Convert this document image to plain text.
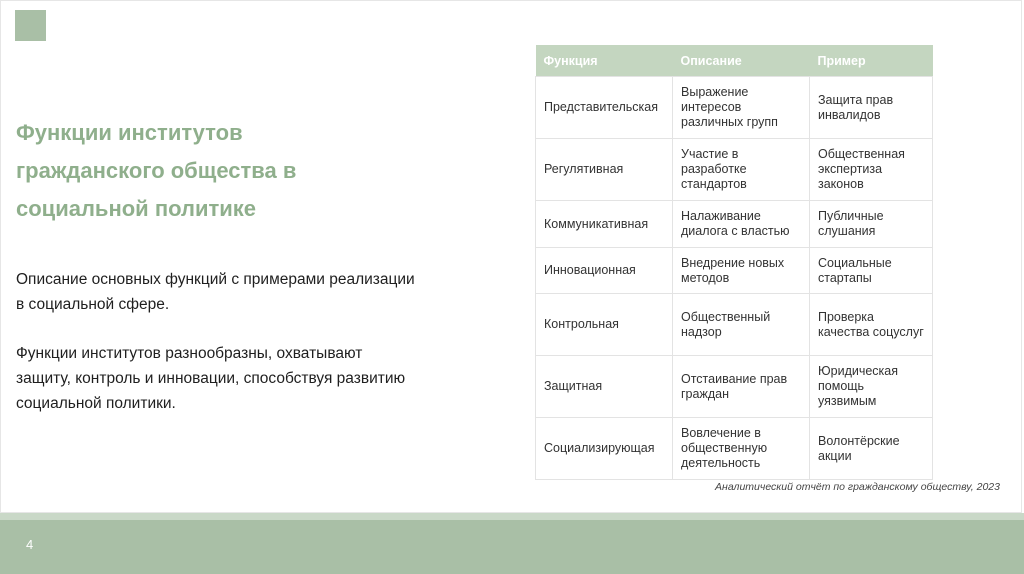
Функции институтов гражданского общества в социальной политике
Описание основных функций с примерами реализации в социальной сфере.
Функции институтов разнообразны, охватывают защиту, контроль и инновации, способствуя развитию социальной политики.
Функция	Описание	Пример
Представительская	Выражение интересов различных групп	Защита прав инвалидов
Регулятивная	Участие в разработке стандартов	Общественная экспертиза законов
Коммуникативная	Налаживание диалога с властью	Публичные слушания
Инновационная	Внедрение новых методов	Социальные стартапы
Контрольная	Общественный надзор	Проверка качества соцуслуг
Защитная	Отстаивание прав граждан	Юридическая помощь уязвимым
Социализирующая	Вовлечение в общественную деятельность	Волонтёрские акции
Аналитический отчёт по гражданскому обществу, 2023
4
